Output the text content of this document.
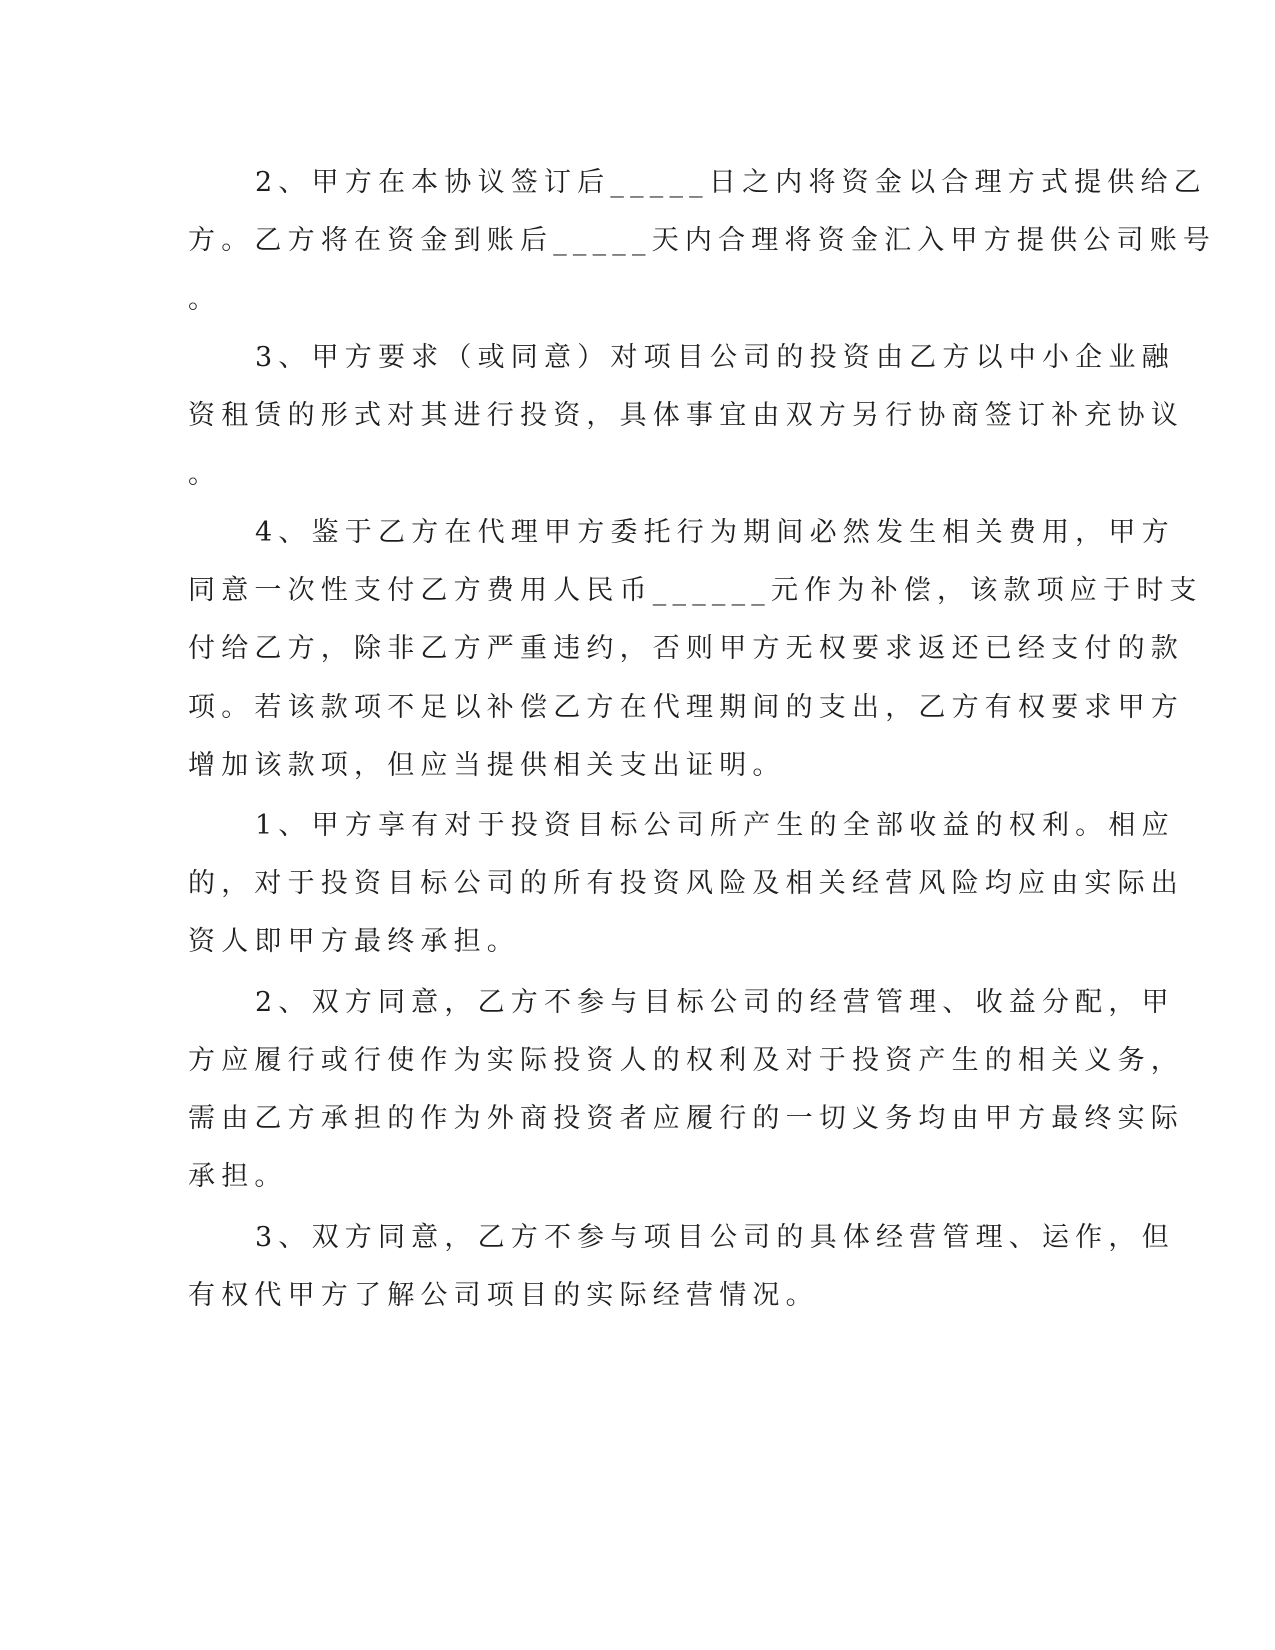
2、甲方在本协议签订后_____日之内将资金以合理方式提供给乙
方。乙方将在资金到账后_____天内合理将资金汇入甲方提供公司账号
。
3、甲方要求（或同意）对项目公司的投资由乙方以中小企业融
资租赁的形式对其进行投资，具体事宜由双方另行协商签订补充协议
。
4、鉴于乙方在代理甲方委托行为期间必然发生相关费用，甲方
同意一次性支付乙方费用人民币______元作为补偿，该款项应于时支
付给乙方，除非乙方严重违约，否则甲方无权要求返还已经支付的款
项。若该款项不足以补偿乙方在代理期间的支出，乙方有权要求甲方
增加该款项，但应当提供相关支出证明。
1、甲方享有对于投资目标公司所产生的全部收益的权利。相应
的，对于投资目标公司的所有投资风险及相关经营风险均应由实际出
资人即甲方最终承担。
2、双方同意，乙方不参与目标公司的经营管理、收益分配，甲
方应履行或行使作为实际投资人的权利及对于投资产生的相关义务，
需由乙方承担的作为外商投资者应履行的一切义务均由甲方最终实际
承担。
3、双方同意，乙方不参与项目公司的具体经营管理、运作，但
有权代甲方了解公司项目的实际经营情况。
